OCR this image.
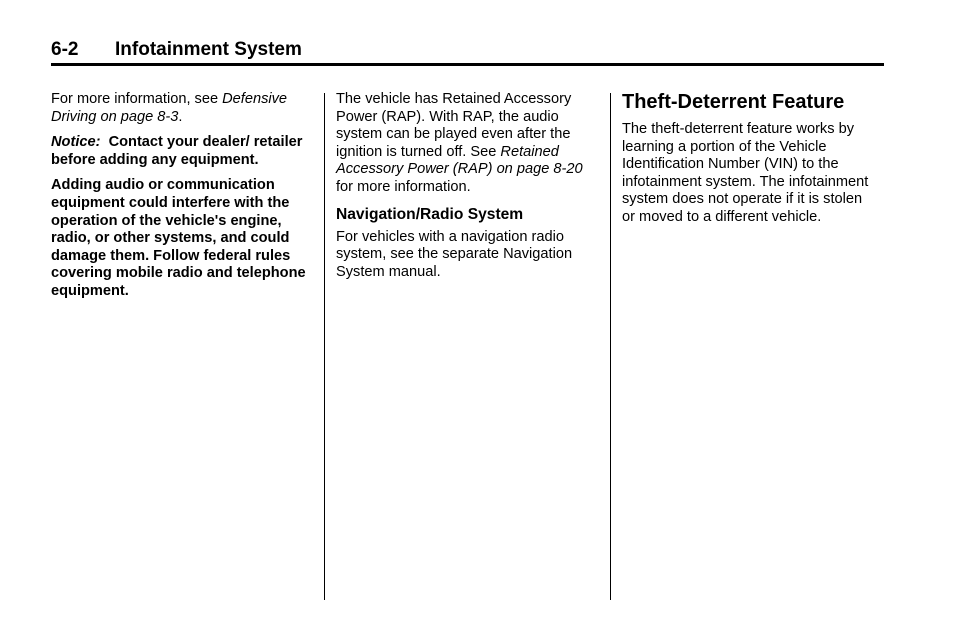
6-2 Infotainment System

For more information, see Defensive Driving on page 8-3.

Notice: Contact your dealer/ retailer before adding any equipment.

Adding audio or communication equipment could interfere with the operation of the vehicle's engine, radio, or other systems, and could damage them. Follow federal rules covering mobile radio and telephone equipment.

The vehicle has Retained Accessory Power (RAP). With RAP, the audio system can be played even after the ignition is turned off. See Retained Accessory Power (RAP) on page 8-20 for more information.

Navigation/Radio System

For vehicles with a navigation radio system, see the separate Navigation System manual.

Theft-Deterrent Feature

The theft-deterrent feature works by learning a portion of the Vehicle Identification Number (VIN) to the infotainment system. The infotainment system does not operate if it is stolen or moved to a different vehicle.
